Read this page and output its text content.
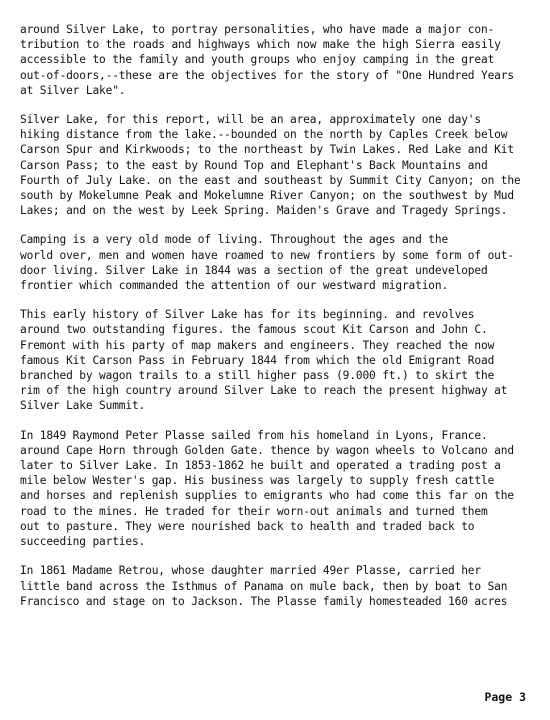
around Silver Lake, to portray personalities, who have made a major con-
tribution to the roads and highways which now make the high Sierra easily
accessible to the family and youth groups who enjoy camping in the great
out-of-doors,--these are the objectives for the story of "One Hundred Years
at Silver Lake".

Silver Lake, for this report, will be an area, approximately one day's
hiking distance from the lake.--bounded on the north by Caples Creek below
Carson Spur and Kirkwoods; to the northeast by Twin Lakes. Red Lake and Kit
Carson Pass; to the east by Round Top and Elephant's Back Mountains and
Fourth of July Lake. on the east and southeast by Summit City Canyon; on the
south by Mokelumne Peak and Mokelumne River Canyon; on the southwest by Mud
Lakes; and on the west by Leek Spring. Maiden's Grave and Tragedy Springs.

Camping is a very old mode of living. Throughout the ages and the
world over, men and women have roamed to new frontiers by some form of out-
door living. Silver Lake in 1844 was a section of the great undeveloped
frontier which commanded the attention of our westward migration.

This early history of Silver Lake has for its beginning. and revolves
around two outstanding figures. the famous scout Kit Carson and John C.
Fremont with his party of map makers and engineers. They reached the now
famous Kit Carson Pass in February 1844 from which the old Emigrant Road
branched by wagon trails to a still higher pass (9.000 ft.) to skirt the
rim of the high country around Silver Lake to reach the present highway at
Silver Lake Summit.

In 1849 Raymond Peter Plasse sailed from his homeland in Lyons, France.
around Cape Horn through Golden Gate. thence by wagon wheels to Volcano and
later to Silver Lake. In 1853-1862 he built and operated a trading post a
mile below Wester's gap. His business was largely to supply fresh cattle
and horses and replenish supplies to emigrants who had come this far on the
road to the mines. He traded for their worn-out animals and turned them
out to pasture. They were nourished back to health and traded back to
succeeding parties.

In 1861 Madame Retrou, whose daughter married 49er Plasse, carried her
little band across the Isthmus of Panama on mule back, then by boat to San
Francisco and stage on to Jackson. The Plasse family homesteaded 160 acres

Page 3
